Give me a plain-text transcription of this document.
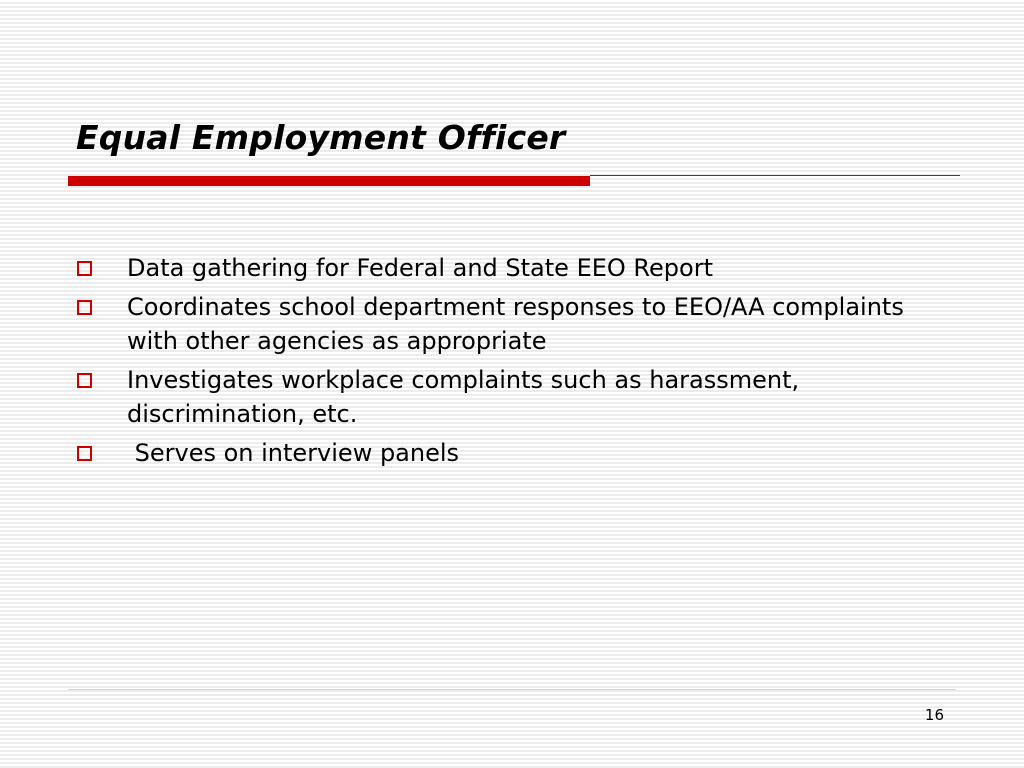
Equal Employment Officer
Data gathering for Federal and State EEO Report
Coordinates school department responses to EEO/AA complaints with other agencies as appropriate
Investigates workplace complaints such as harassment, discrimination, etc.
Serves on interview panels
16
